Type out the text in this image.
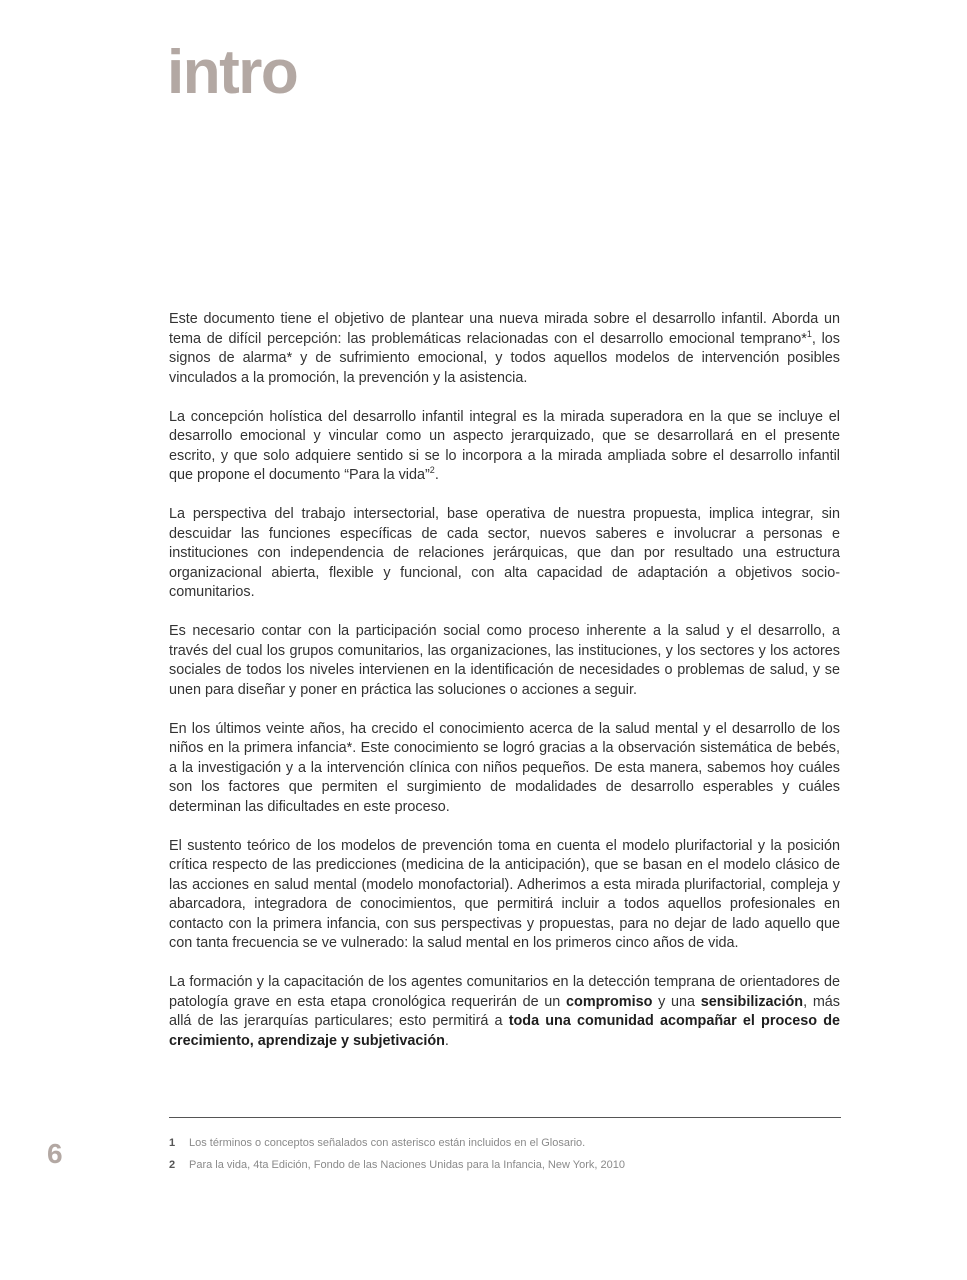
intro

Este documento tiene el objetivo de plantear una nueva mirada sobre el desarrollo infantil. Aborda un tema de difícil percepción: las problemáticas relacionadas con el desarrollo emocional temprano*$^1$, los signos de alarma* y de sufrimiento emocional, y todos aquellos modelos de intervención posibles vinculados a la promoción, la prevención y la asistencia.

La concepción holística del desarrollo infantil integral es la mirada superadora en la que se incluye el desarrollo emocional y vincular como un aspecto jerarquizado, que se desarrollará en el presente escrito, y que solo adquiere sentido si se lo incorpora a la mirada ampliada sobre el desarrollo infantil que propone el documento “Para la vida”$^2$.

La perspectiva del trabajo intersectorial, base operativa de nuestra propuesta, implica integrar, sin descuidar las funciones específicas de cada sector, nuevos saberes e involucrar a personas e instituciones con independencia de relaciones jerárquicas, que dan por resultado una estructura organizacional abierta, flexible y funcional, con alta capacidad de adaptación a objetivos socio-comunitarios.

Es necesario contar con la participación social como proceso inherente a la salud y el desarrollo, a través del cual los grupos comunitarios, las organizaciones, las instituciones, y los sectores y los actores sociales de todos los niveles intervienen en la identificación de necesidades o problemas de salud, y se unen para diseñar y poner en práctica las soluciones o acciones a seguir.

En los últimos veinte años, ha crecido el conocimiento acerca de la salud mental y el desarrollo de los niños en la primera infancia*. Este conocimiento se logró gracias a la observación sistemática de bebés, a la investigación y a la intervención clínica con niños pequeños. De esta manera, sabemos hoy cuáles son los factores que permiten el surgimiento de modalidades de desarrollo esperables y cuáles determinan las dificultades en este proceso.

El sustento teórico de los modelos de prevención toma en cuenta el modelo plurifactorial y la posición crítica respecto de las predicciones (medicina de la anticipación), que se basan en el modelo clásico de las acciones en salud mental (modelo monofactorial). Adherimos a esta mirada plurifactorial, compleja y abarcadora, integradora de conocimientos, que permitirá incluir a todos aquellos profesionales en contacto con la primera infancia, con sus perspectivas y propuestas, para no dejar de lado aquello que con tanta frecuencia se ve vulnerado: la salud mental en los primeros cinco años de vida.

La formación y la capacitación de los agentes comunitarios en la detección temprana de orientadores de patología grave en esta etapa cronológica requerirán de un compromiso y una sensibilización, más allá de las jerarquías particulares; esto permitirá a toda una comunidad acompañar el proceso de crecimiento, aprendizaje y subjetivación.

1 Los términos o conceptos señalados con asterisco están incluidos en el Glosario.
2 Para la vida, 4ta Edición, Fondo de las Naciones Unidas para la Infancia, New York, 2010
6
